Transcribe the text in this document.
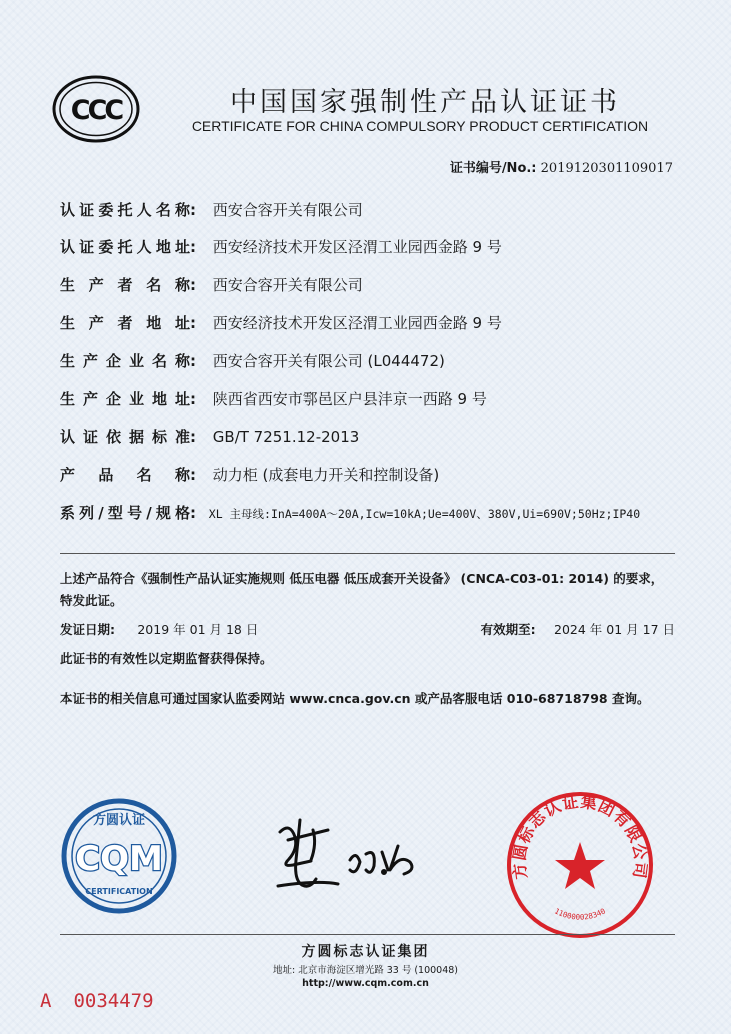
CCC	中国国家强制性产品认证证书
CERTIFICATE FOR CHINA COMPULSORY PRODUCT CERTIFICATION
证书编号/No.: 2019120301109017
认证委托人名称: 西安合容开关有限公司
认证委托人地址: 西安经济技术开发区泾渭工业园西金路 9 号
生产者名称: 西安合容开关有限公司
生产者地址: 西安经济技术开发区泾渭工业园西金路 9 号
生产企业名称: 西安合容开关有限公司 (L044472)
生产企业地址: 陕西省西安市鄠邑区户县沣京一西路 9 号
认证依据标准: GB/T 7251.12-2013
产品名称: 动力柜 (成套电力开关和控制设备)
系列/型号/规格: XL 主母线:InA=400A～20A,Icw=10kA;Ue=400V、380V,Ui=690V;50Hz;IP40
上述产品符合《强制性产品认证实施规则 低压电器 低压成套开关设备》 (CNCA-C03-01: 2014) 的要求，特发此证。
发证日期: 2019 年 01 月 18 日	有效期至: 2024 年 01 月 17 日
此证书的有效性以定期监督获得保持。
本证书的相关信息可通过国家认监委网站 www.cnca.gov.cn 或产品客服电话 010-68718798 查询。
方圆认证
CQM
CERTIFICATION
方圆标志认证集团有限公司
110000028340
方圆标志认证集团
地址: 北京市海淀区增光路 33 号 (100048)
http://www.cqm.com.cn
A 0034479
